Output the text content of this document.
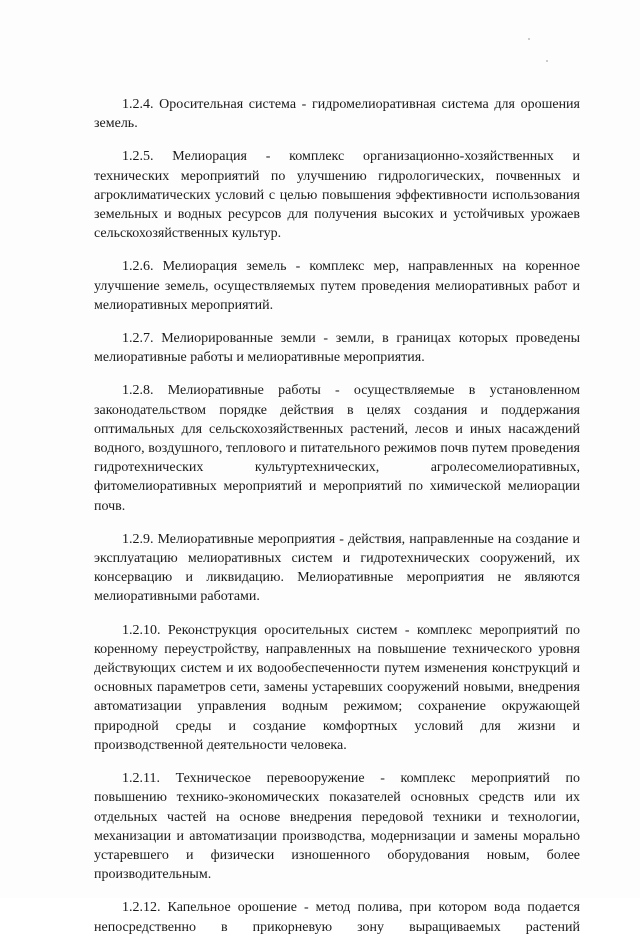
1.2.4. Оросительная система - гидромелиоративная система для орошения земель.

1.2.5. Мелиорация - комплекс организационно-хозяйственных и технических мероприятий по улучшению гидрологических, почвенных и агроклиматических условий с целью повышения эффективности использования земельных и водных ресурсов для получения высоких и устойчивых урожаев сельскохозяйственных культур.

1.2.6. Мелиорация земель - комплекс мер, направленных на коренное улучшение земель, осуществляемых путем проведения мелиоративных работ и мелиоративных мероприятий.

1.2.7. Мелиорированные земли - земли, в границах которых проведены мелиоративные работы и мелиоративные мероприятия.

1.2.8. Мелиоративные работы - осуществляемые в установленном законодательством порядке действия в целях создания и поддержания оптимальных для сельскохозяйственных растений, лесов и иных насаждений водного, воздушного, теплового и питательного режимов почв путем проведения гидротехнических культуртехнических, агролесомелиоративных, фитомелиоративных мероприятий и мероприятий по химической мелиорации почв.

1.2.9. Мелиоративные мероприятия - действия, направленные на создание и эксплуатацию мелиоративных систем и гидротехнических сооружений, их консервацию и ликвидацию. Мелиоративные мероприятия не являются мелиоративными работами.

1.2.10. Реконструкция оросительных систем - комплекс мероприятий по коренному переустройству, направленных на повышение технического уровня действующих систем и их водообеспеченности путем изменения конструкций и основных параметров сети, замены устаревших сооружений новыми, внедрения автоматизации управления водным режимом; сохранение окружающей природной среды и создание комфортных условий для жизни и производственной деятельности человека.

1.2.11. Техническое перевооружение - комплекс мероприятий по повышению технико-экономических показателей основных средств или их отдельных частей на основе внедрения передовой техники и технологии, механизации и автоматизации производства, модернизации и замены морально устаревшего и физически изношенного оборудования новым, более производительным.

1.2.12. Капельное орошение - метод полива, при котором вода подается непосредственно в прикорневую зону выращиваемых растений
